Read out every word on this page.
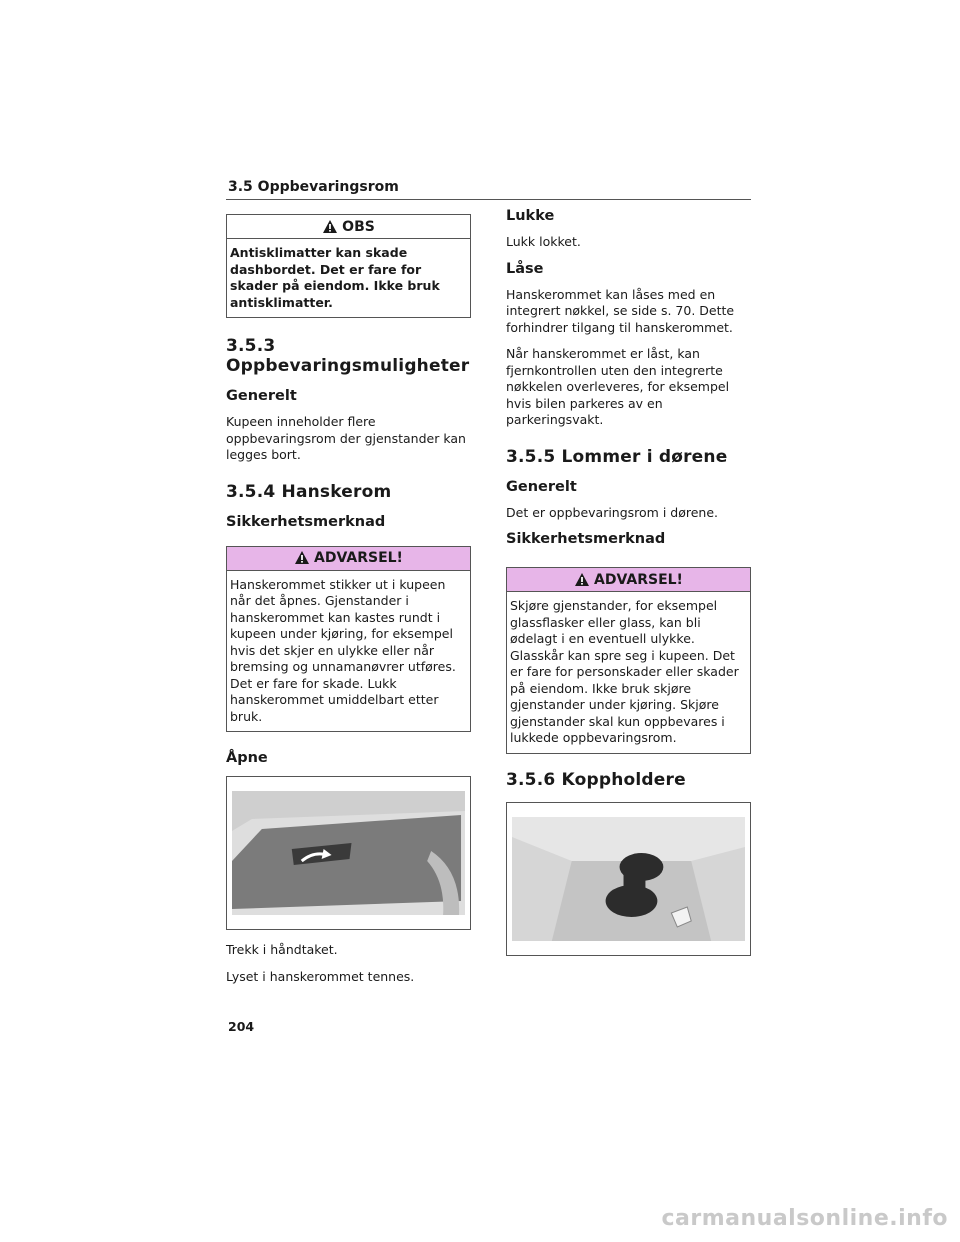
3.5 Oppbevaringsrom
OBS
Antisklimatter kan skade dashbordet. Det er fare for skader på eiendom. Ikke bruk antisklimatter.
3.5.3 Oppbevaringsmuligheter
Generelt
Kupeen inneholder flere oppbevaringsrom der gjenstander kan legges bort.
3.5.4 Hanskerom
Sikkerhetsmerknad
ADVARSEL!
Hanskerommet stikker ut i kupeen når det åpnes. Gjenstander i hanskerommet kan kastes rundt i kupeen under kjøring, for eksempel hvis det skjer en ulykke eller når bremsing og unnamanøvrer utføres. Det er fare for skade. Lukk hanskerommet umiddelbart etter bruk.
Åpne
Trekk i håndtaket.
Lyset i hanskerommet tennes.
Lukke
Lukk lokket.
Låse
Hanskerommet kan låses med en integrert nøkkel, se side s. 70. Dette forhindrer tilgang til hanskerommet.
Når hanskerommet er låst, kan fjernkontrollen uten den integrerte nøkkelen overleveres, for eksempel hvis bilen parkeres av en parkeringsvakt.
3.5.5 Lommer i dørene
Generelt
Det er oppbevaringsrom i dørene.
Sikkerhetsmerknad
ADVARSEL!
Skjøre gjenstander, for eksempel glassflasker eller glass, kan bli ødelagt i en eventuell ulykke. Glasskår kan spre seg i kupeen. Det er fare for personskader eller skader på eiendom. Ikke bruk skjøre gjenstander under kjøring. Skjøre gjenstander skal kun oppbevares i lukkede oppbevaringsrom.
3.5.6 Koppholdere
204
carmanualsonline.info
